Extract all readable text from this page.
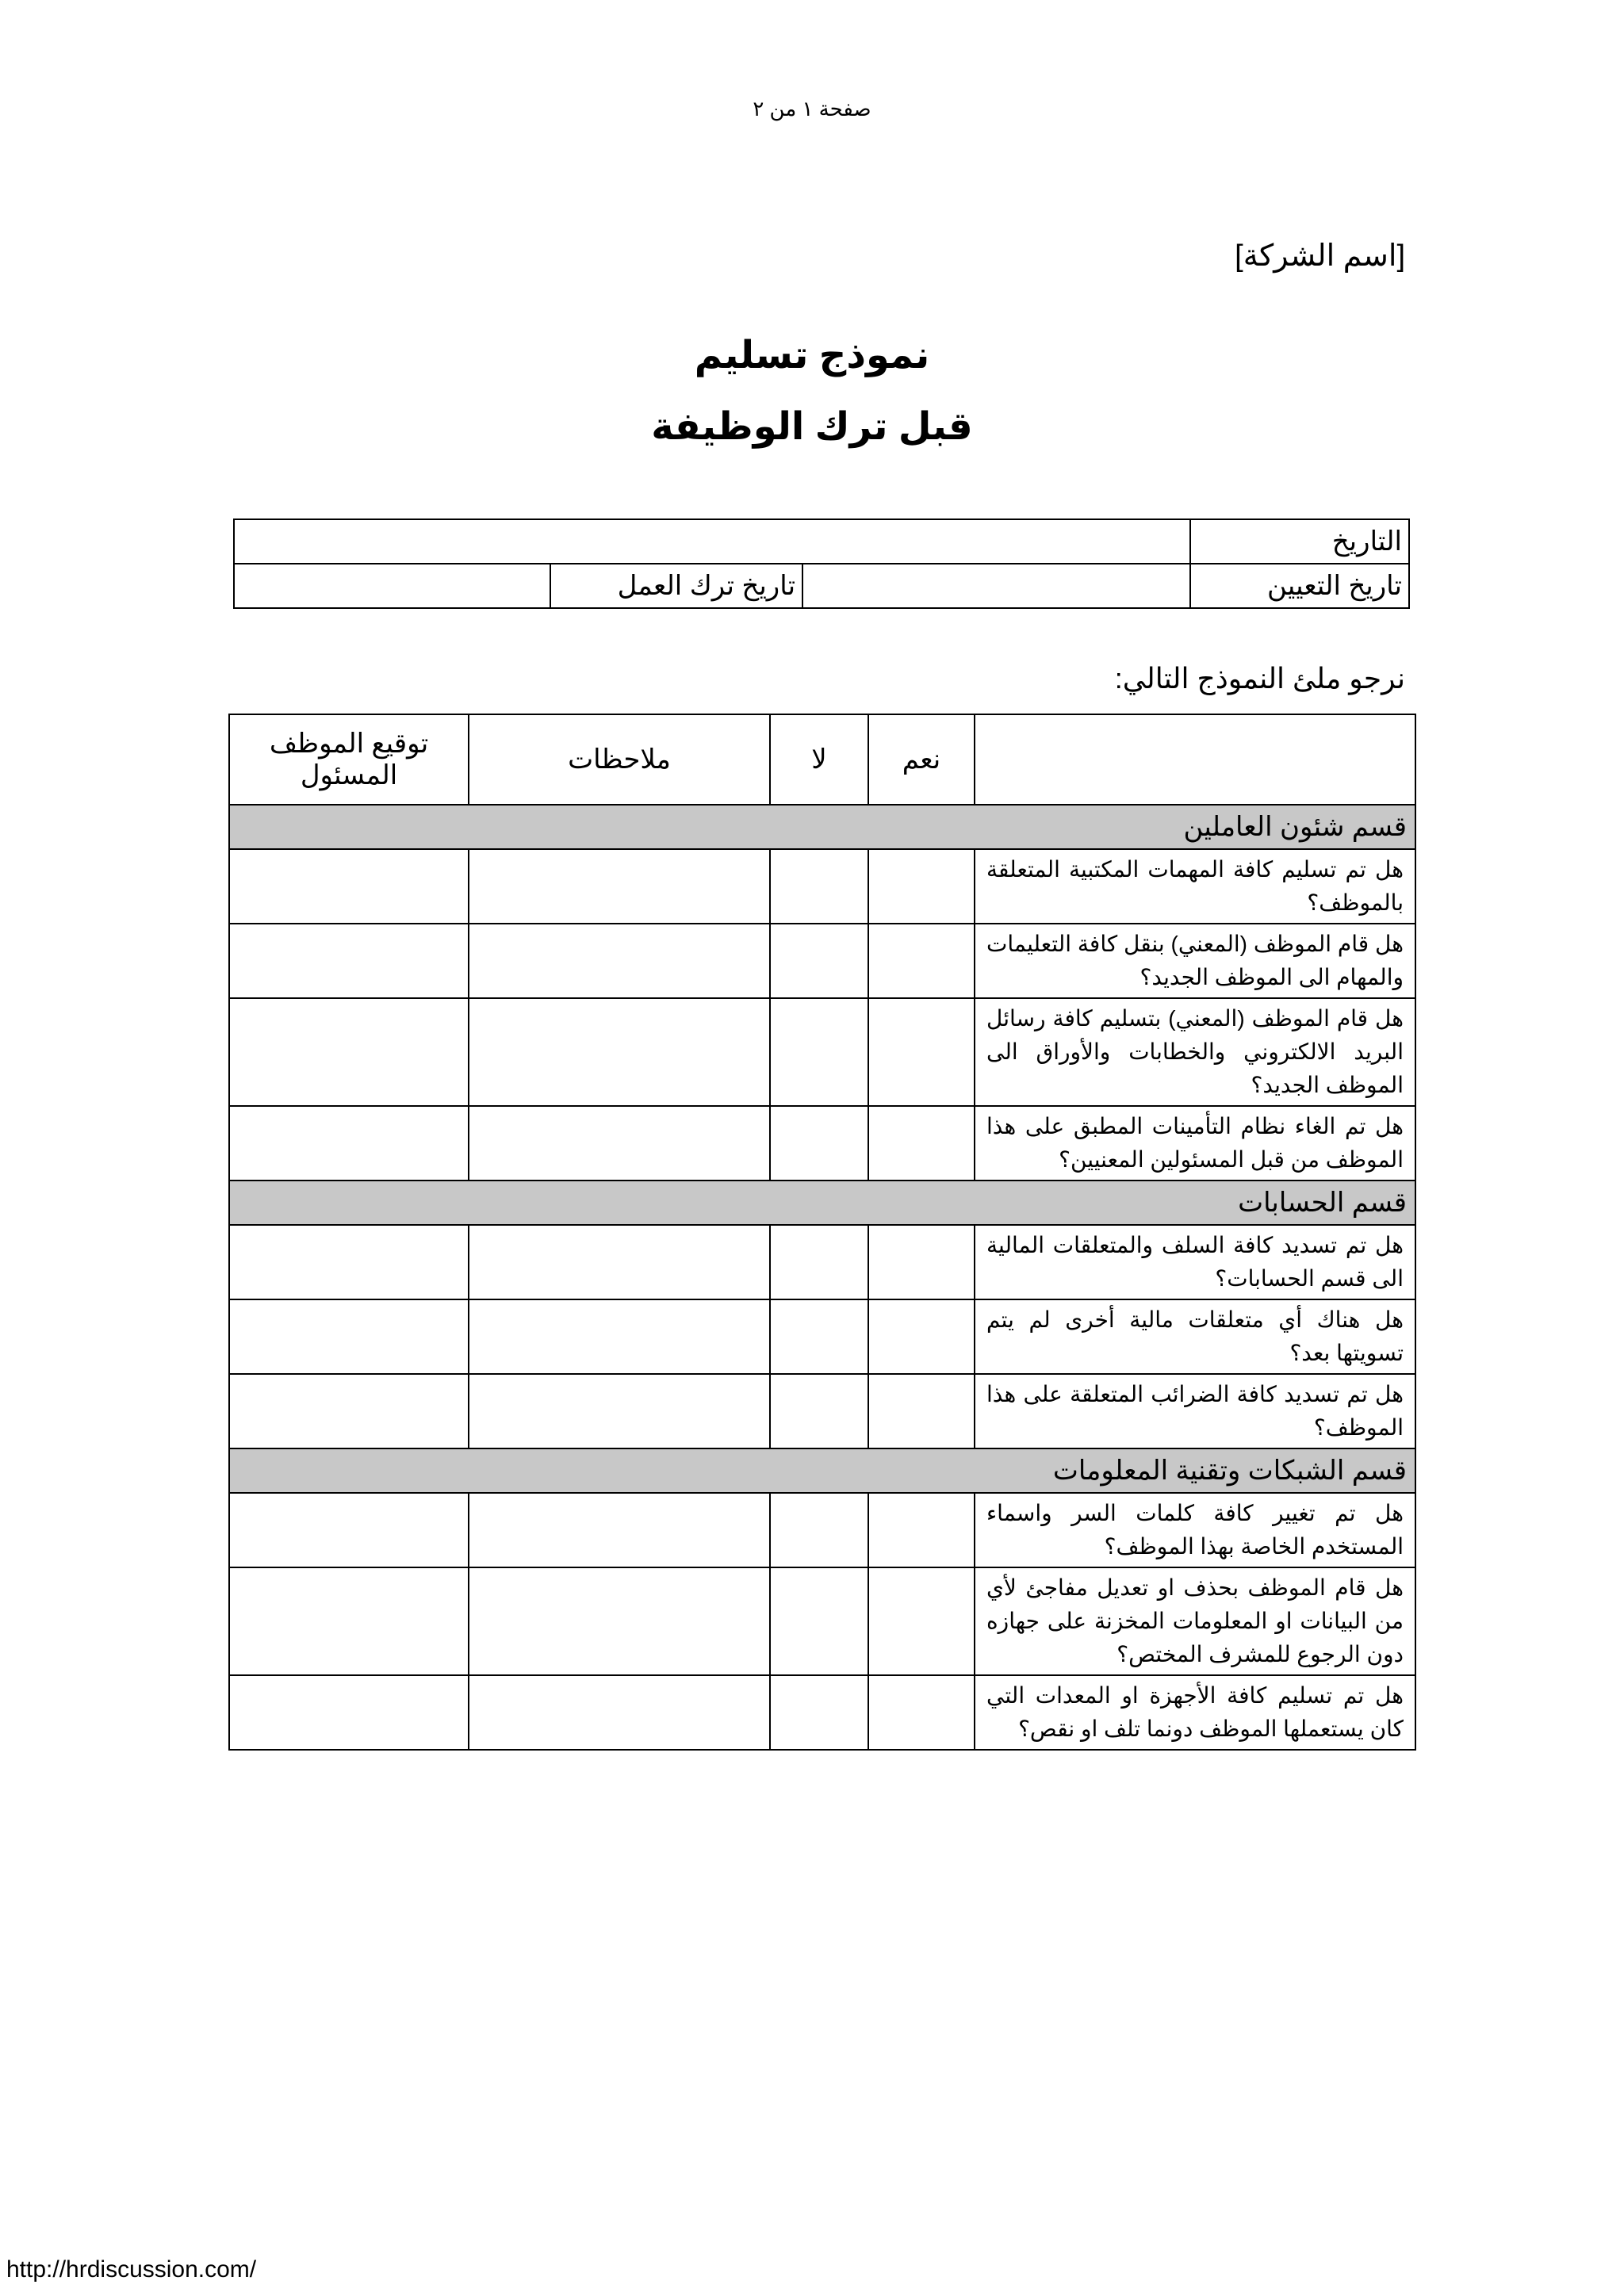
صفحة ١ من ٢
[اسم الشركة]
نموذج تسليم
قبل ترك الوظيفة
التاريخ			
تاريخ التعيين		تاريخ ترك العمل	
نرجو ملئ النموذج التالي:
	نعم	لا	ملاحظات	توقيع الموظف المسئول
قسم شئون العاملين				
هل تم تسليم كافة المهمات المكتبية المتعلقة بالموظف؟				
هل قام الموظف (المعني) بنقل كافة التعليمات والمهام الى الموظف الجديد؟				
هل قام الموظف (المعني) بتسليم كافة رسائل البريد الالكتروني والخطابات والأوراق الى الموظف الجديد؟				
هل تم الغاء نظام التأمينات المطبق على هذا الموظف من قبل المسئولين المعنيين؟				
قسم الحسابات				
هل تم تسديد كافة السلف والمتعلقات المالية الى قسم الحسابات؟				
هل هناك أي متعلقات مالية أخرى لم يتم تسويتها بعد؟				
هل تم تسديد كافة الضرائب المتعلقة على هذا الموظف؟				
قسم الشبكات وتقنية المعلومات				
هل تم تغيير كافة كلمات السر واسماء المستخدم الخاصة بهذا الموظف؟				
هل قام الموظف بحذف او تعديل مفاجئ لأي من البيانات او المعلومات المخزنة على جهازه دون الرجوع للمشرف المختص؟				
هل تم تسليم كافة الأجهزة او المعدات التي كان يستعملها الموظف دونما تلف او نقص؟				
http://hrdiscussion.com/
